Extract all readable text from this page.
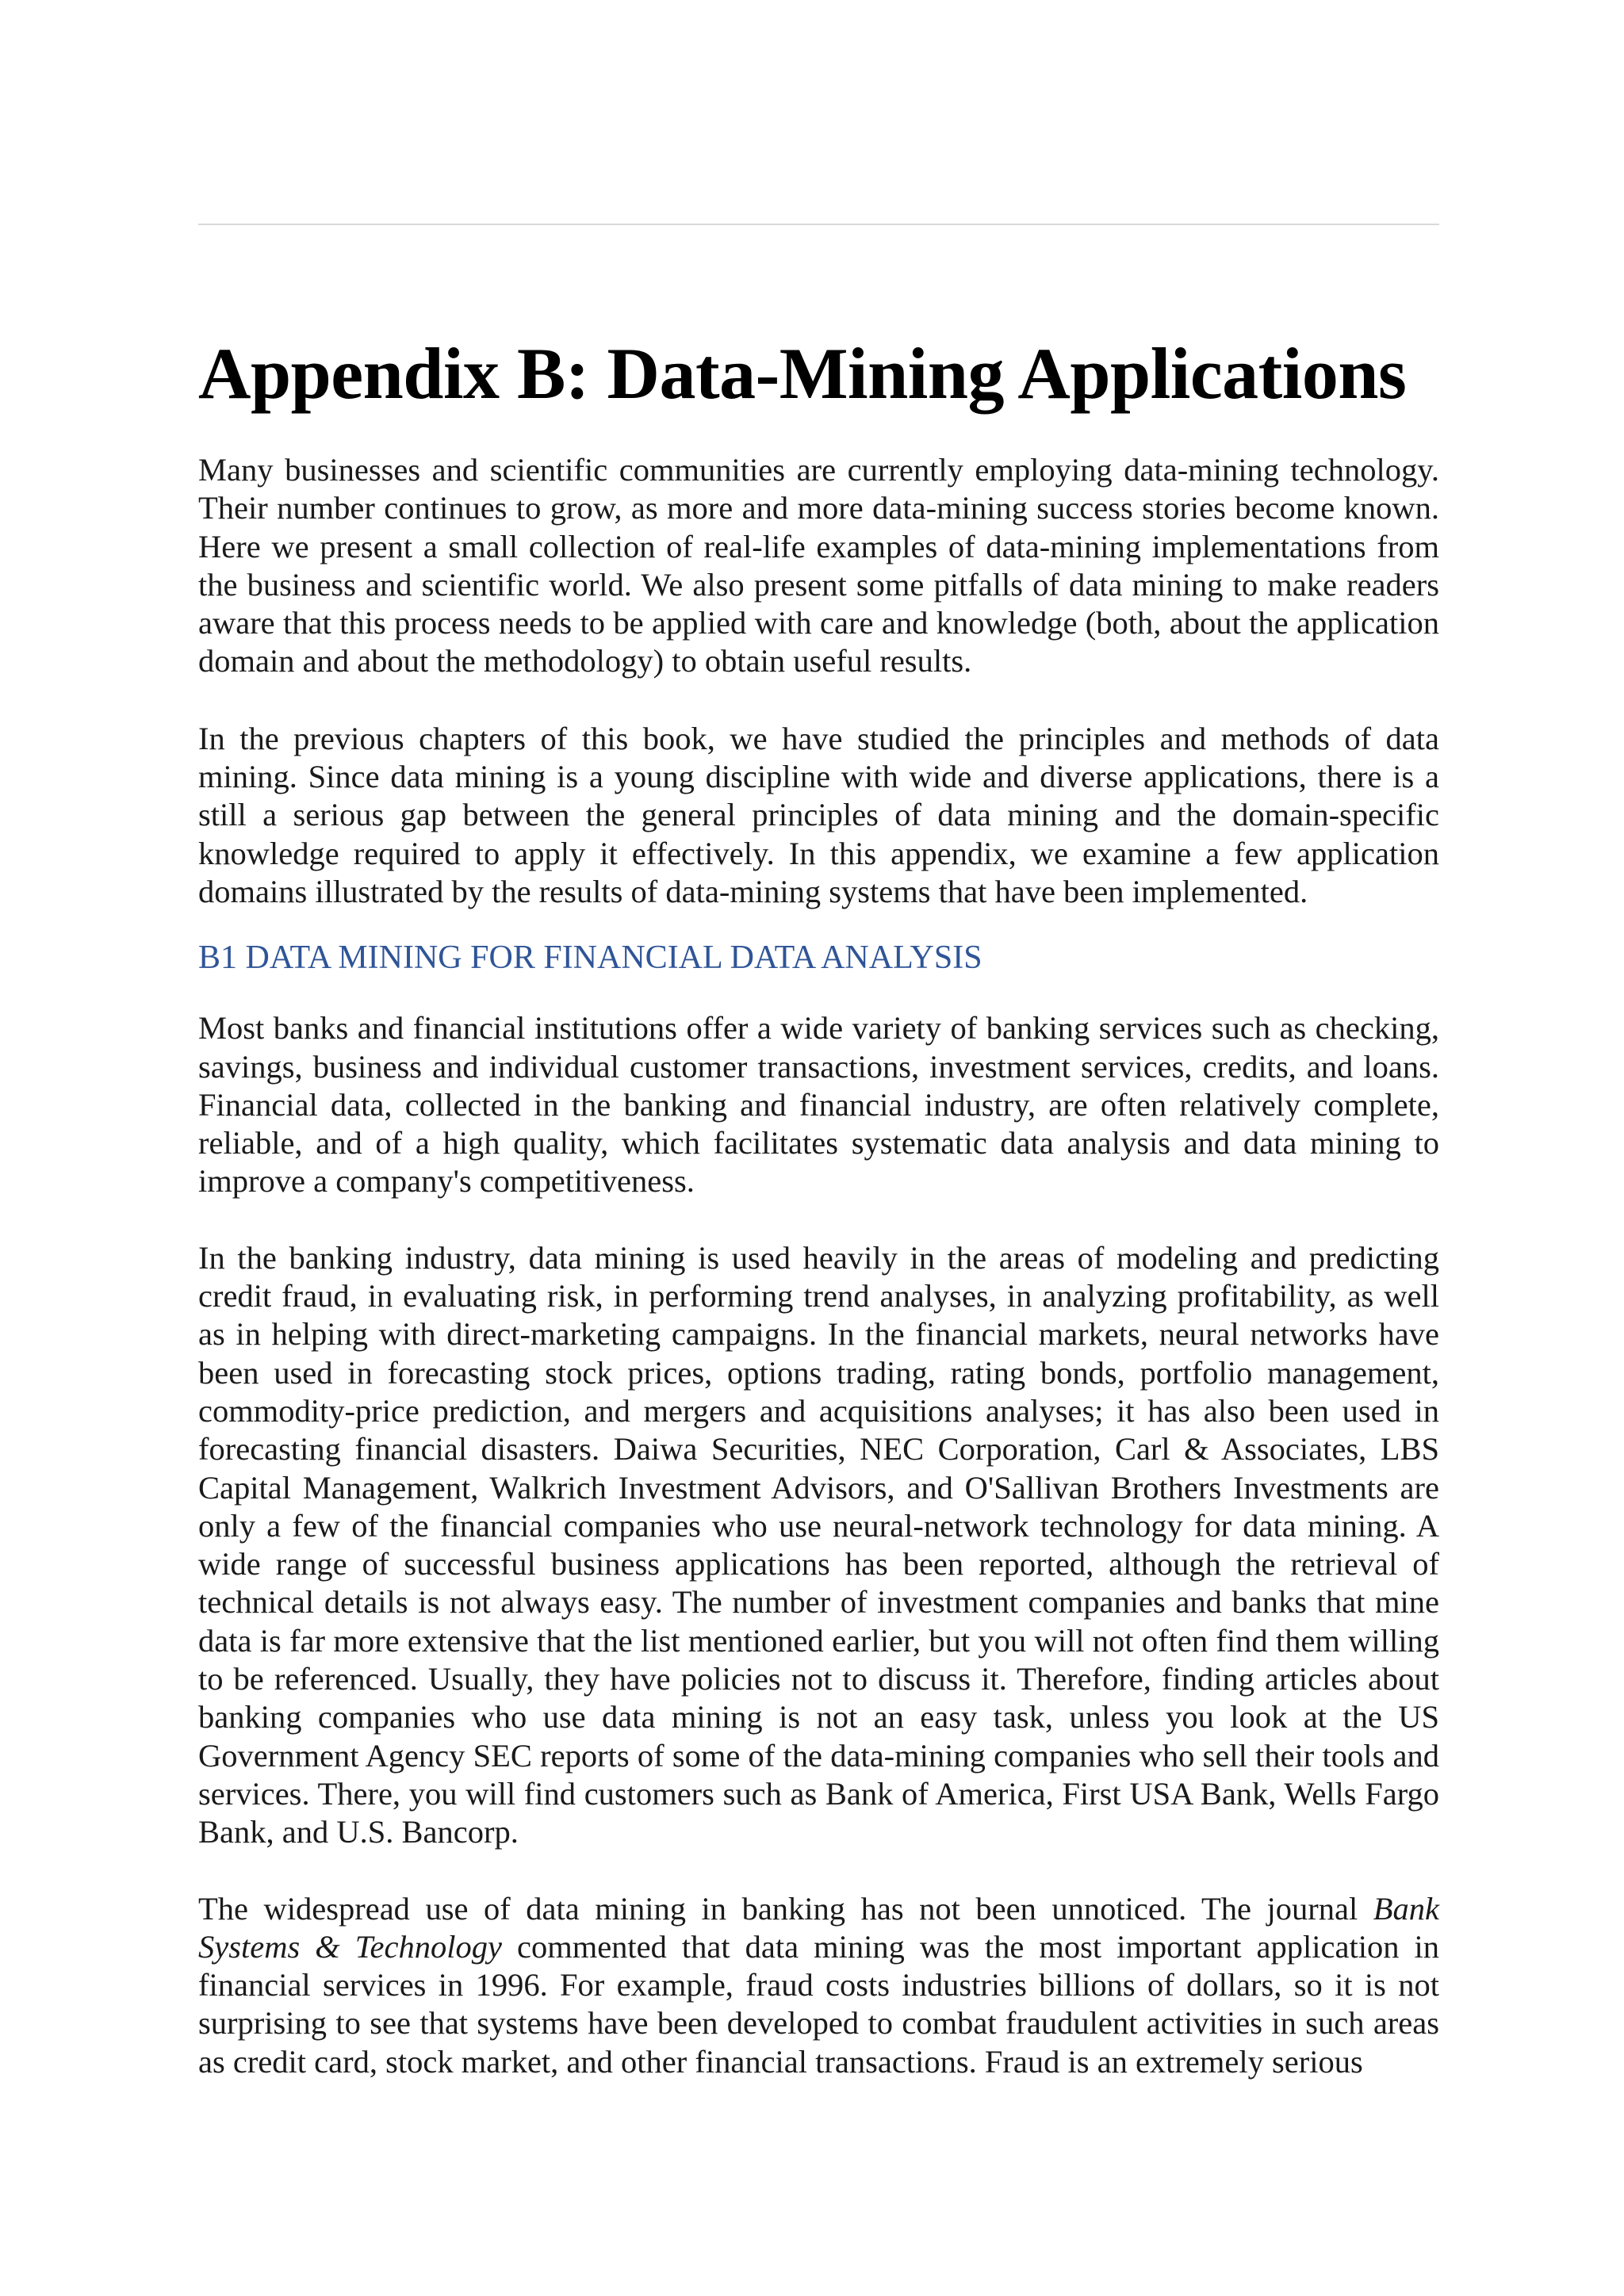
Appendix B: Data-Mining Applications

Many businesses and scientific communities are currently employing data-mining technology. Their number continues to grow, as more and more data-mining success stories become known. Here we present a small collection of real-life examples of data-mining implementations from the business and scientific world. We also present some pitfalls of data mining to make readers aware that this process needs to be applied with care and knowledge (both, about the application domain and about the methodology) to obtain useful results.

In the previous chapters of this book, we have studied the principles and methods of data mining. Since data mining is a young discipline with wide and diverse applications, there is a still a serious gap between the general principles of data mining and the domain-specific knowledge required to apply it effectively. In this appendix, we examine a few application domains illustrated by the results of data-mining systems that have been implemented.

B1 DATA MINING FOR FINANCIAL DATA ANALYSIS

Most banks and financial institutions offer a wide variety of banking services such as checking, savings, business and individual customer transactions, investment services, credits, and loans. Financial data, collected in the banking and financial industry, are often relatively complete, reliable, and of a high quality, which facilitates systematic data analysis and data mining to improve a company's competitiveness.

In the banking industry, data mining is used heavily in the areas of modeling and predicting credit fraud, in evaluating risk, in performing trend analyses, in analyzing profitability, as well as in helping with direct-marketing campaigns. In the financial markets, neural networks have been used in forecasting stock prices, options trading, rating bonds, portfolio management, commodity-price prediction, and mergers and acquisitions analyses; it has also been used in forecasting financial disasters. Daiwa Securities, NEC Corporation, Carl & Associates, LBS Capital Management, Walkrich Investment Advisors, and O'Sallivan Brothers Investments are only a few of the financial companies who use neural-network technology for data mining. A wide range of successful business applications has been reported, although the retrieval of technical details is not always easy. The number of investment companies and banks that mine data is far more extensive that the list mentioned earlier, but you will not often find them willing to be referenced. Usually, they have policies not to discuss it. Therefore, finding articles about banking companies who use data mining is not an easy task, unless you look at the US Government Agency SEC reports of some of the data-mining companies who sell their tools and services. There, you will find customers such as Bank of America, First USA Bank, Wells Fargo Bank, and U.S. Bancorp.

The widespread use of data mining in banking has not been unnoticed. The journal Bank Systems & Technology commented that data mining was the most important application in financial services in 1996. For example, fraud costs industries billions of dollars, so it is not surprising to see that systems have been developed to combat fraudulent activities in such areas as credit card, stock market, and other financial transactions. Fraud is an extremely serious
